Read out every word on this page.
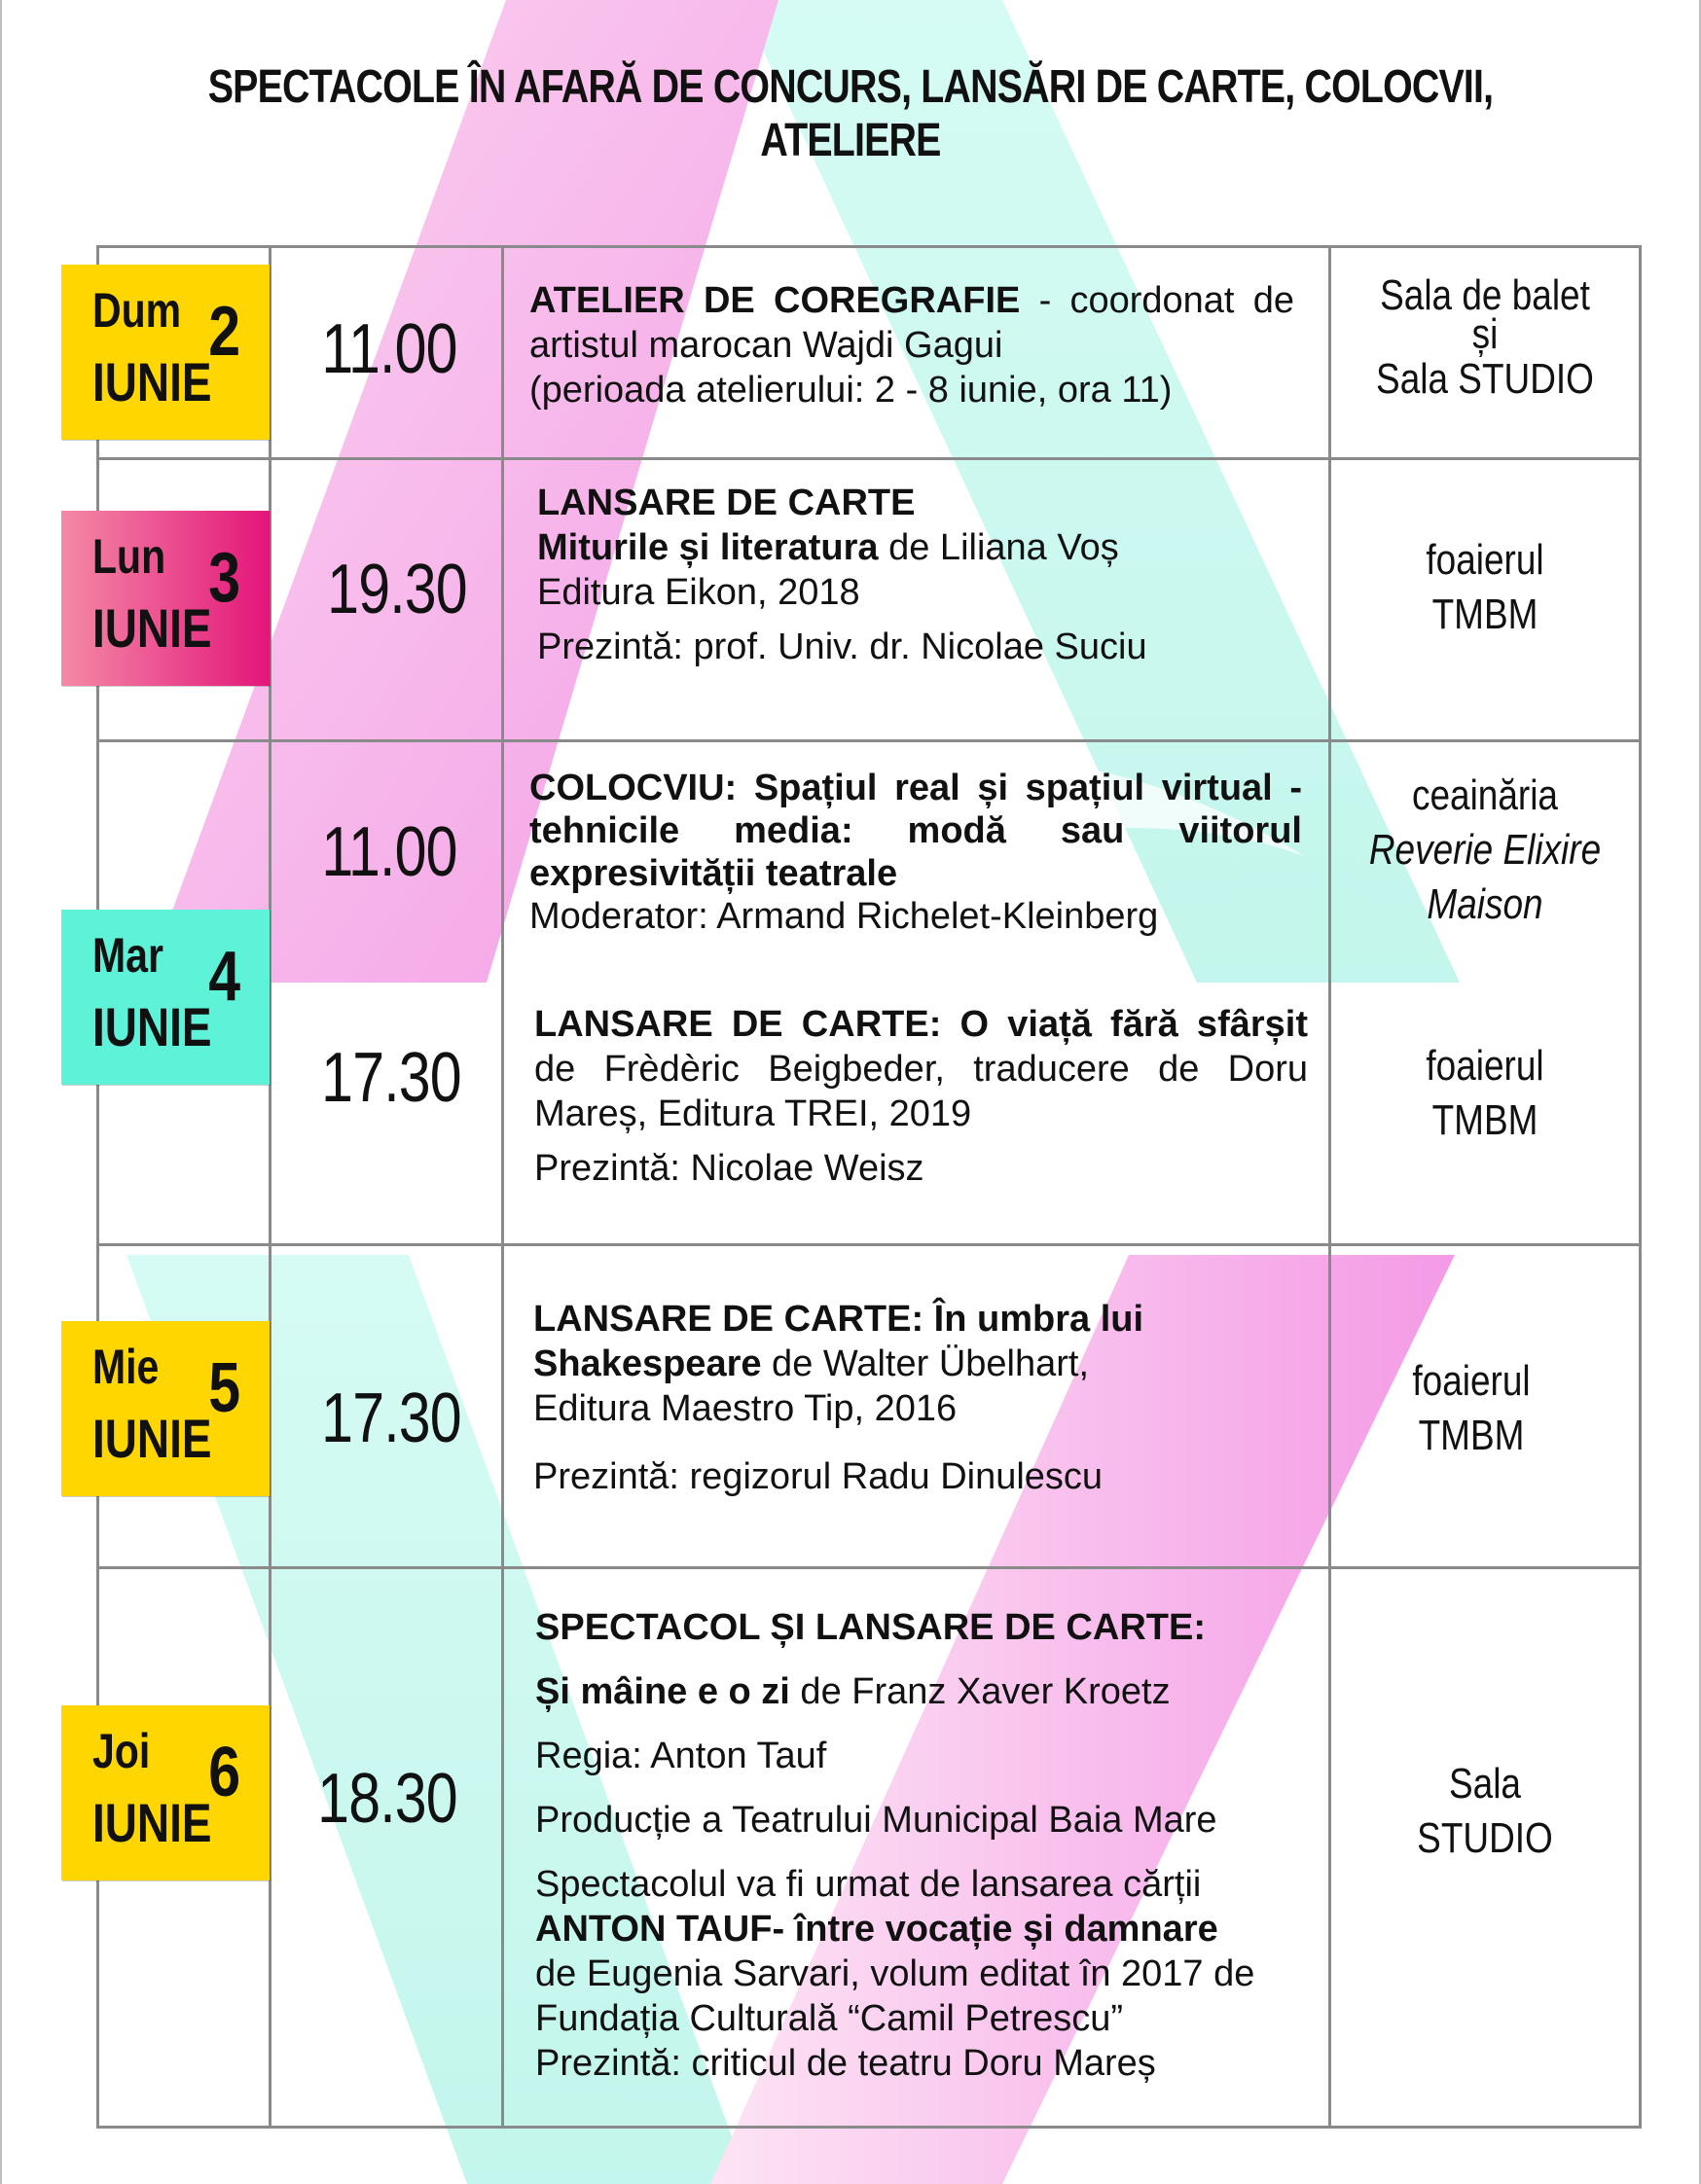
SPECTACOLE ÎN AFARĂ DE CONCURS, LANSĂRI DE CARTE, COLOCVII, ATELIERE
Dum 2
IUNIE
Lun 3
IUNIE
Mar 4
IUNIE
Mie 5
IUNIE
Joi 6
IUNIE
11.00
19.30
11.00
17.30
17.30
18.30

ATELIER DE COREGRAFIE - coordonat de artistul marocan Wajdi Gagui

(perioada atelierului: 2 - 8 iunie, ora 11)

LANSARE DE CARTE

Miturile și literatura de Liliana Voș

Editura Eikon, 2018

Prezintă: prof. Univ. dr. Nicolae Suciu

COLOCVIU: Spațiul real și spațiul virtual - tehnicile media: modă sau viitorul expresivității teatrale

Moderator: Armand Richelet-Kleinberg

LANSARE DE CARTE: O viață fără sfârșit de Frèdèric Beigbeder, traducere de Doru Mareș, Editura TREI, 2019

Prezintă: Nicolae Weisz

LANSARE DE CARTE: În umbra lui Shakespeare de Walter Übelhart, Editura Maestro Tip, 2016

Prezintă: regizorul Radu Dinulescu

SPECTACOL ȘI LANSARE DE CARTE:

Și mâine e o zi de Franz Xaver Kroetz

Regia: Anton Tauf

Producție a Teatrului Municipal Baia Mare

Spectacolul va fi urmat de lansarea cărții

ANTON TAUF- între vocație și damnare

de Eugenia Sarvari, volum editat în 2017 de Fundația Culturală “Camil Petrescu”

Prezintă: criticul de teatru Doru Mareș

Sala de balet
și
Sala STUDIO
foaierul
TMBM
ceainăria
Reverie Elixire
Maison
foaierul
TMBM
foaierul
TMBM
Sala
STUDIO
